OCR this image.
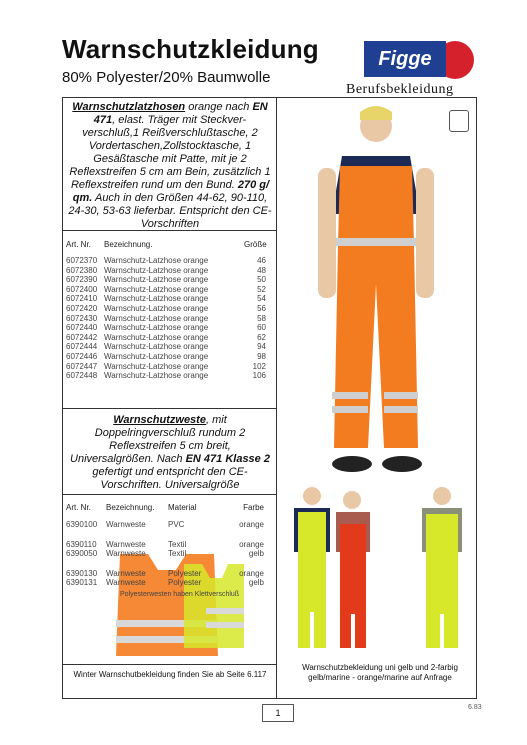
Warnschutzkleidung
80% Polyester/20% Baumwolle
Figge
Berufsbekleidung
Warnschutzlatzhosen orange nach EN 471, elast. Träger mit Steckver-verschluß,1 Reißverschlußtasche, 2 Vordertaschen,Zollstocktasche, 1 Gesäßtasche mit Patte, mit je 2 Reflexstreifen 5 cm am Bein, zusätzlich 1 Reflexstreifen rund um den Bund. 270 g/ qm. Auch in den Größen 44-62, 90-110, 24-30, 53-63 lieferbar. Entspricht den CE-Vorschriften
Art. Nr.	Bezeichnung.	Größe
6072370 Warnschutz-Latzhose orange	46
6072380 Warnschutz-Latzhose orange	48
6072390 Warnschutz-Latzhose orange	50
6072400 Warnschutz-Latzhose orange	52
6072410 Warnschutz-Latzhose orange	54
6072420 Warnschutz-Latzhose orange	56
6072430 Warnschutz-Latzhose orange	58
6072440 Warnschutz-Latzhose orange	60
6072442 Warnschutz-Latzhose orange	62
6072444 Warnschutz-Latzhose orange	94
6072446 Warnschutz-Latzhose orange	98
6072447 Warnschutz-Latzhose orange	102
6072448 Warnschutz-Latzhose orange	106
Warnschutzweste, mit Doppelringverschluß rundum 2 Reflexstreifen 5 cm breit, Universalgrößen. Nach EN 471 Klasse 2 gefertigt und entspricht den CE-Vorschriften. Universalgröße
Art. Nr.	Bezeichnung. Material	Farbe
6390100	Warnweste	PVC	orange
6390110	Warnweste	Textil	orange
6390050	Warnweste	Textil	gelb
6390130	Warnweste	Polyester	orange
6390131	Warnweste	Polyester	gelb
Polyesterwesten haben Klettverschluß
Winter Warnschutbekleidung finden Sie ab Seite 6.117
Warnschutzbekleidung uni gelb und 2-farbig gelb/marine - orange/marine auf Anfrage
1
6.83
